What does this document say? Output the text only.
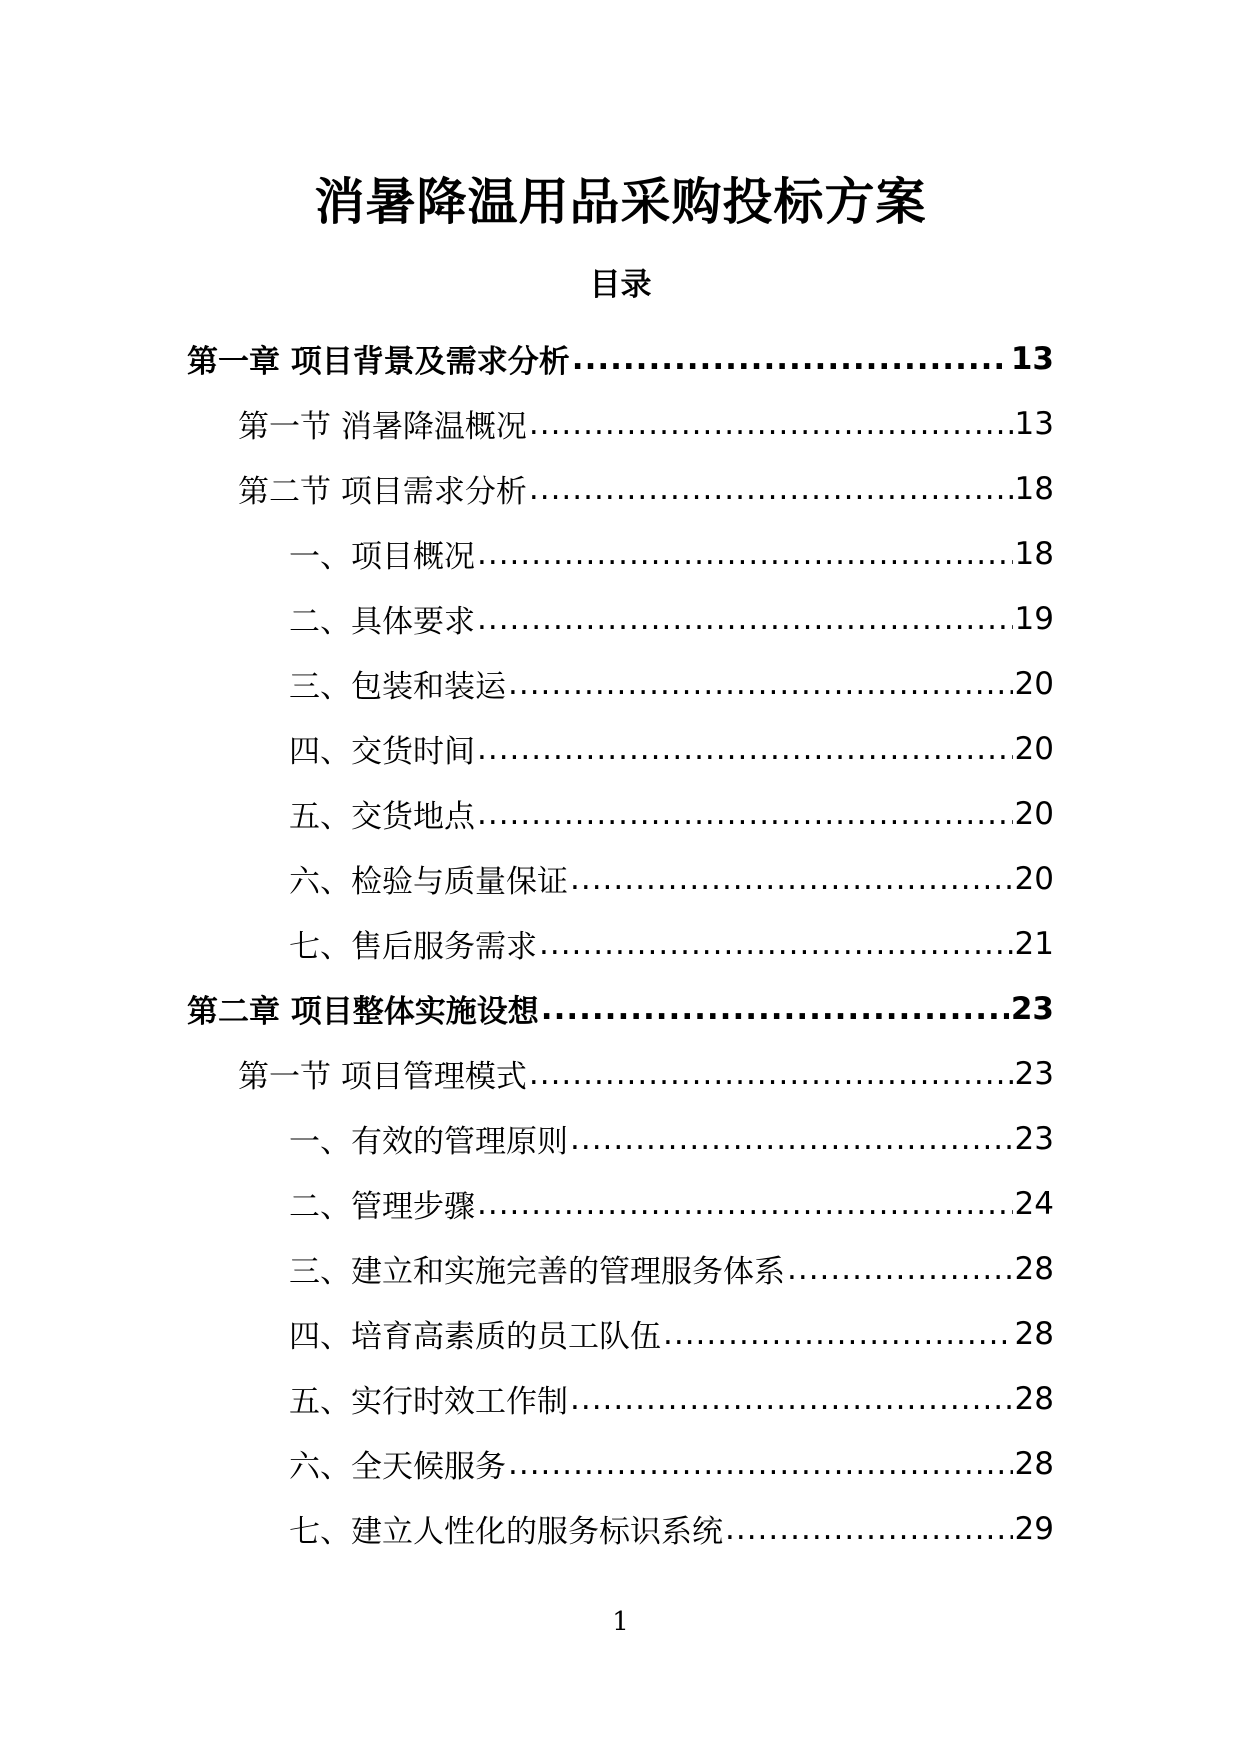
消暑降温用品采购投标方案
目录
第一章 项目背景及需求分析 .....	13
第一节 消暑降温概况 .....	13
第二节 项目需求分析 .....	18
一、项目概况 .....	18
二、具体要求 .....	19
三、包装和装运 .....	20
四、交货时间 .....	20
五、交货地点 .....	20
六、检验与质量保证 .....	20
七、售后服务需求 .....	21
第二章 项目整体实施设想 .....	23
第一节 项目管理模式 .....	23
一、有效的管理原则 .....	23
二、管理步骤 .....	24
三、建立和实施完善的管理服务体系 .....	28
四、培育高素质的员工队伍 .....	28
五、实行时效工作制 .....	28
六、全天候服务 .....	28
七、建立人性化的服务标识系统 .....	29
1
